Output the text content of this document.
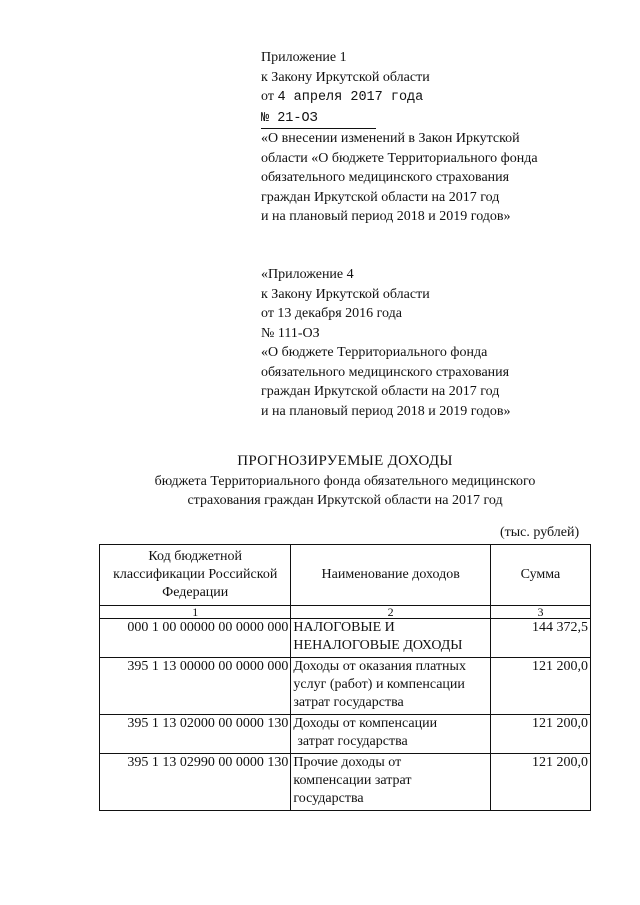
Приложение 1
к Закону Иркутской области
от 4 апреля 2017 года
№ 21-ОЗ
«О внесении изменений в Закон Иркутской
области «О бюджете Территориального фонда
обязательного медицинского страхования
граждан Иркутской области на 2017 год
и на плановый период 2018 и 2019 годов»
«Приложение 4
к Закону Иркутской области
от 13 декабря 2016 года
№ 111-ОЗ
«О бюджете Территориального фонда
обязательного медицинского страхования
граждан Иркутской области на 2017 год
и на плановый период 2018 и 2019 годов»
ПРОГНОЗИРУЕМЫЕ ДОХОДЫ
бюджета Территориального фонда обязательного медицинского
страхования граждан Иркутской области на 2017 год
(тыс. рублей)
Код бюджетной
классификации Российской
Федерации	Наименование доходов	Сумма
1	2	3
000 1 00 00000 00 0000 000	НАЛОГОВЫЕ И
НЕНАЛОГОВЫЕ ДОХОДЫ	144 372,5
395 1 13 00000 00 0000 000	Доходы от оказания платных
услуг (работ) и компенсации
затрат государства	121 200,0
395 1 13 02000 00 0000 130	Доходы от компенсации
затрат государства	121 200,0
395 1 13 02990 00 0000 130	Прочие доходы от
компенсации затрат
государства	121 200,0
